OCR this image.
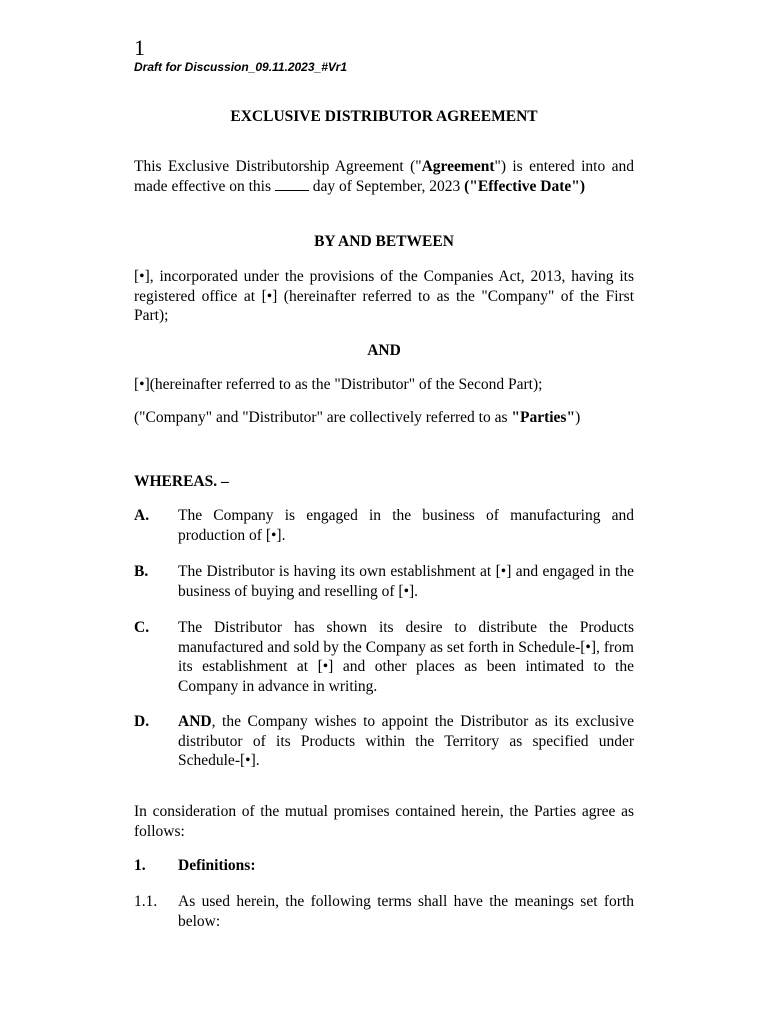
1
Draft for Discussion_09.11.2023_#Vr1
EXCLUSIVE DISTRIBUTOR AGREEMENT
This Exclusive Distributorship Agreement ("Agreement") is entered into and made effective on this	day of September, 2023 ("Effective Date")
BY AND BETWEEN
[•], incorporated under the provisions of the Companies Act, 2013, having its registered office at [•] (hereinafter referred to as the "Company" of the First Part);
AND
[•](hereinafter referred to as the "Distributor" of the Second Part);
("Company" and "Distributor" are collectively referred to as "Parties")
WHEREAS. –
A. The Company is engaged in the business of manufacturing and production of [•].
B. The Distributor is having its own establishment at [•] and engaged in the business of buying and reselling of [•].
C. The Distributor has shown its desire to distribute the Products manufactured and sold by the Company as set forth in Schedule-[•], from its establishment at [•] and other places as been intimated to the Company in advance in writing.
D. AND, the Company wishes to appoint the Distributor as its exclusive distributor of its Products within the Territory as specified under Schedule-[•].
In consideration of the mutual promises contained herein, the Parties agree as follows:
1. Definitions:
1.1. As used herein, the following terms shall have the meanings set forth below:
